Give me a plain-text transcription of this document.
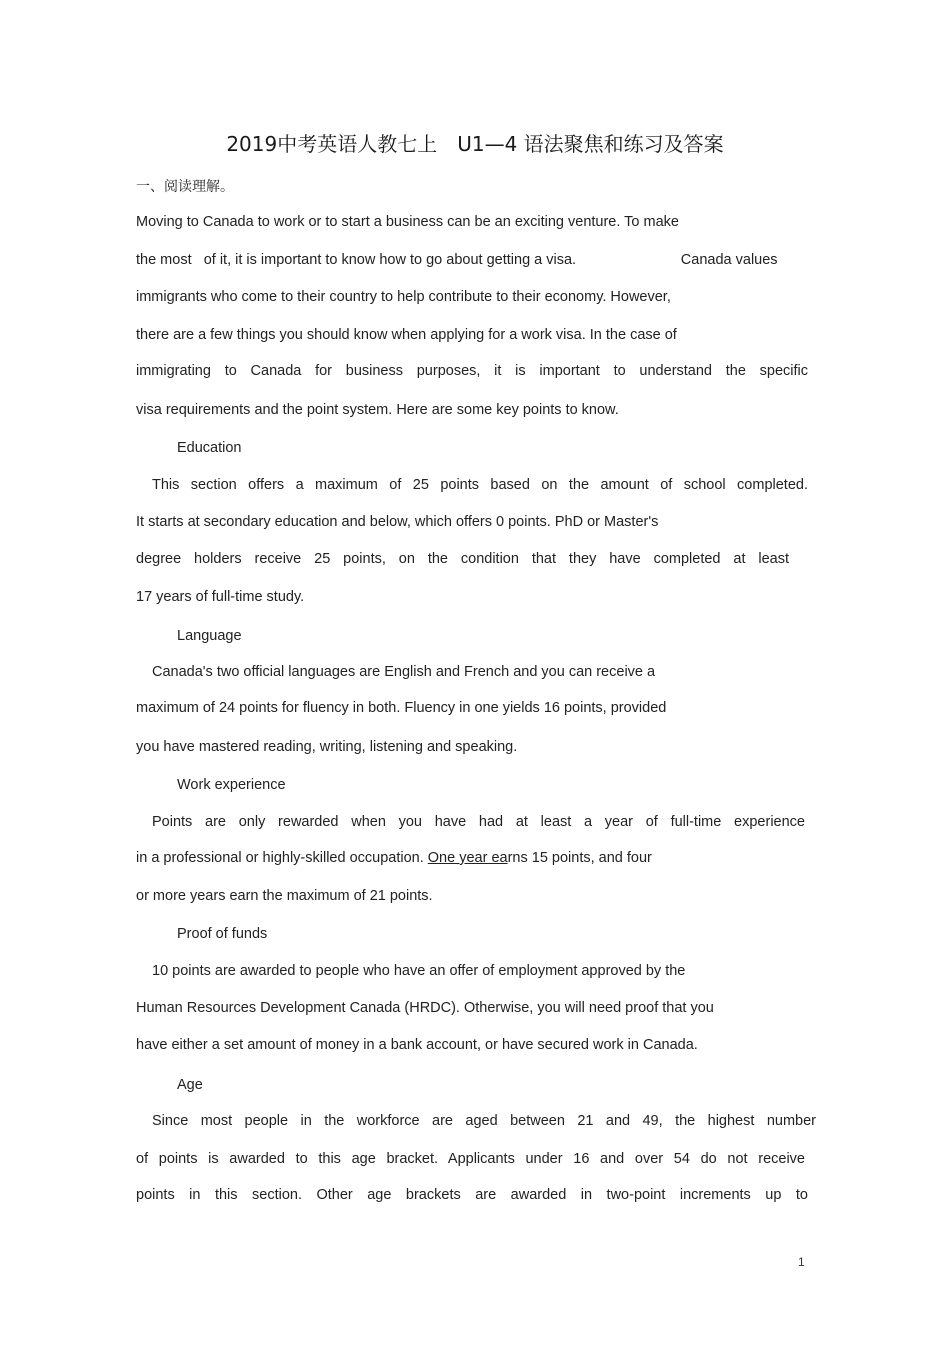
2019中考英语人教七上　U1—4 语法聚焦和练习及答案
一、阅读理解。
Moving to Canada to work or to start a business can be an exciting venture. To make
the most   of it, it is important to know how to go about getting a visa.                          Canada values
immigrants who come to their country to help contribute to their economy. However,
there are a few things you should know when applying for a work visa. In the case of
immigrating to Canada for business purposes, it is important to understand the specific
visa requirements and the point system. Here are some key points to know.
Education
This section offers a maximum of 25 points based on the amount of school completed.
It starts at secondary education and below, which offers 0 points. PhD or Master's
degree holders receive 25 points, on the condition that they have completed at least
17 years of full-time study.
Language
Canada's two official languages are English and French and you can receive a
maximum of 24 points for fluency in both. Fluency in one yields 16 points, provided
you have mastered reading, writing, listening and speaking.
Work experience
Points are only rewarded when you have had at least a year of full-time experience
in a professional or highly-skilled occupation. One year earns 15 points, and four
or more years earn the maximum of 21 points.
Proof of funds
10 points are awarded to people who have an offer of employment approved by the
Human Resources Development Canada (HRDC). Otherwise, you will need proof that you
have either a set amount of money in a bank account, or have secured work in Canada.
Age
Since most people in the workforce are aged between 21 and 49, the highest number
of points is awarded to this age bracket. Applicants under 16 and over 54 do not receive
points in this section. Other age brackets are awarded in two-point increments up to
1
